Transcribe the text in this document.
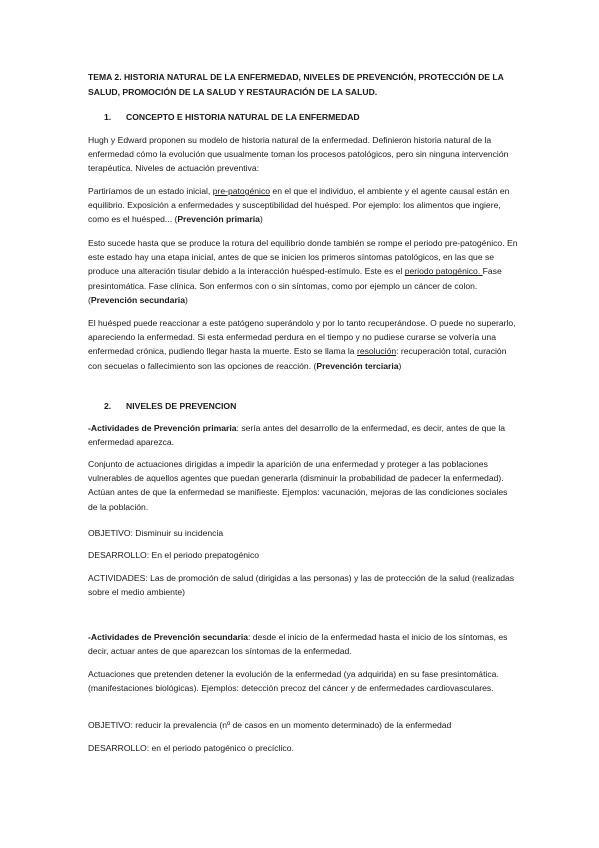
TEMA 2. HISTORIA NATURAL DE LA ENFERMEDAD, NIVELES DE PREVENCIÓN, PROTECCIÓN DE LA SALUD, PROMOCIÓN DE LA SALUD Y RESTAURACIÓN DE LA SALUD.
1. CONCEPTO E HISTORIA NATURAL DE LA ENFERMEDAD

Hugh y Edward proponen su modelo de historia natural de la enfermedad. Definieron historia natural de la enfermedad cómo la evolución que usualmente toman los procesos patológicos, pero sin ninguna intervención terapéutica. Niveles de actuación preventiva:

Partiríamos de un estado inicial, pre-patogénico en el que el individuo, el ambiente y el agente causal están en equilibrio. Exposición a enfermedades y susceptibilidad del huésped. Por ejemplo: los alimentos que ingiere, como es el huésped... (Prevención primaria)

Esto sucede hasta que se produce la rotura del equilibrio donde también se rompe el periodo pre-patogénico. En este estado hay una etapa inicial, antes de que se inicien los primeros síntomas patológicos, en las que se produce una alteración tisular debido a la interacción huésped-estímulo. Este es el periodo patogénico. Fase presintomática. Fase clínica. Son enfermos con o sin síntomas, como por ejemplo un cáncer de colon. (Prevención secundaria)

El huésped puede reaccionar a este patógeno superándolo y por lo tanto recuperándose. O puede no superarlo, apareciendo la enfermedad. Si esta enfermedad perdura en el tiempo y no pudiese curarse se volvería una enfermedad crónica, pudiendo llegar hasta la muerte. Esto se llama la resolución: recuperación total, curación con secuelas o fallecimiento son las opciones de reacción. (Prevención terciaria)

2. NIVELES DE PREVENCION

-Actividades de Prevención primaria: sería antes del desarrollo de la enfermedad, es decir, antes de que la enfermedad aparezca.

Conjunto de actuaciones dirigidas a impedir la aparición de una enfermedad y proteger a las poblaciones vulnerables de aquellos agentes que puedan generarla (disminuir la probabilidad de padecer la enfermedad). Actúan antes de que la enfermedad se manifieste. Ejemplos: vacunación, mejoras de las condiciones sociales de la población.

OBJETIVO: Disminuir su incidencia

DESARROLLO: En el periodo prepatogénico

ACTIVIDADES: Las de promoción de salud (dirigidas a las personas) y las de protección de la salud (realizadas sobre el medio ambiente)

-Actividades de Prevención secundaria: desde el inicio de la enfermedad hasta el inicio de los síntomas, es decir, actuar antes de que aparezcan los síntomas de la enfermedad.

Actuaciones que pretenden detener la evolución de la enfermedad (ya adquirida) en su fase presintomática. (manifestaciones biológicas). Ejemplos: detección precoz del cáncer y de enfermedades cardiovasculares.

OBJETIVO: reducir la prevalencia (nº de casos en un momento determinado) de la enfermedad

DESARROLLO: en el periodo patogénico o precíclico.
